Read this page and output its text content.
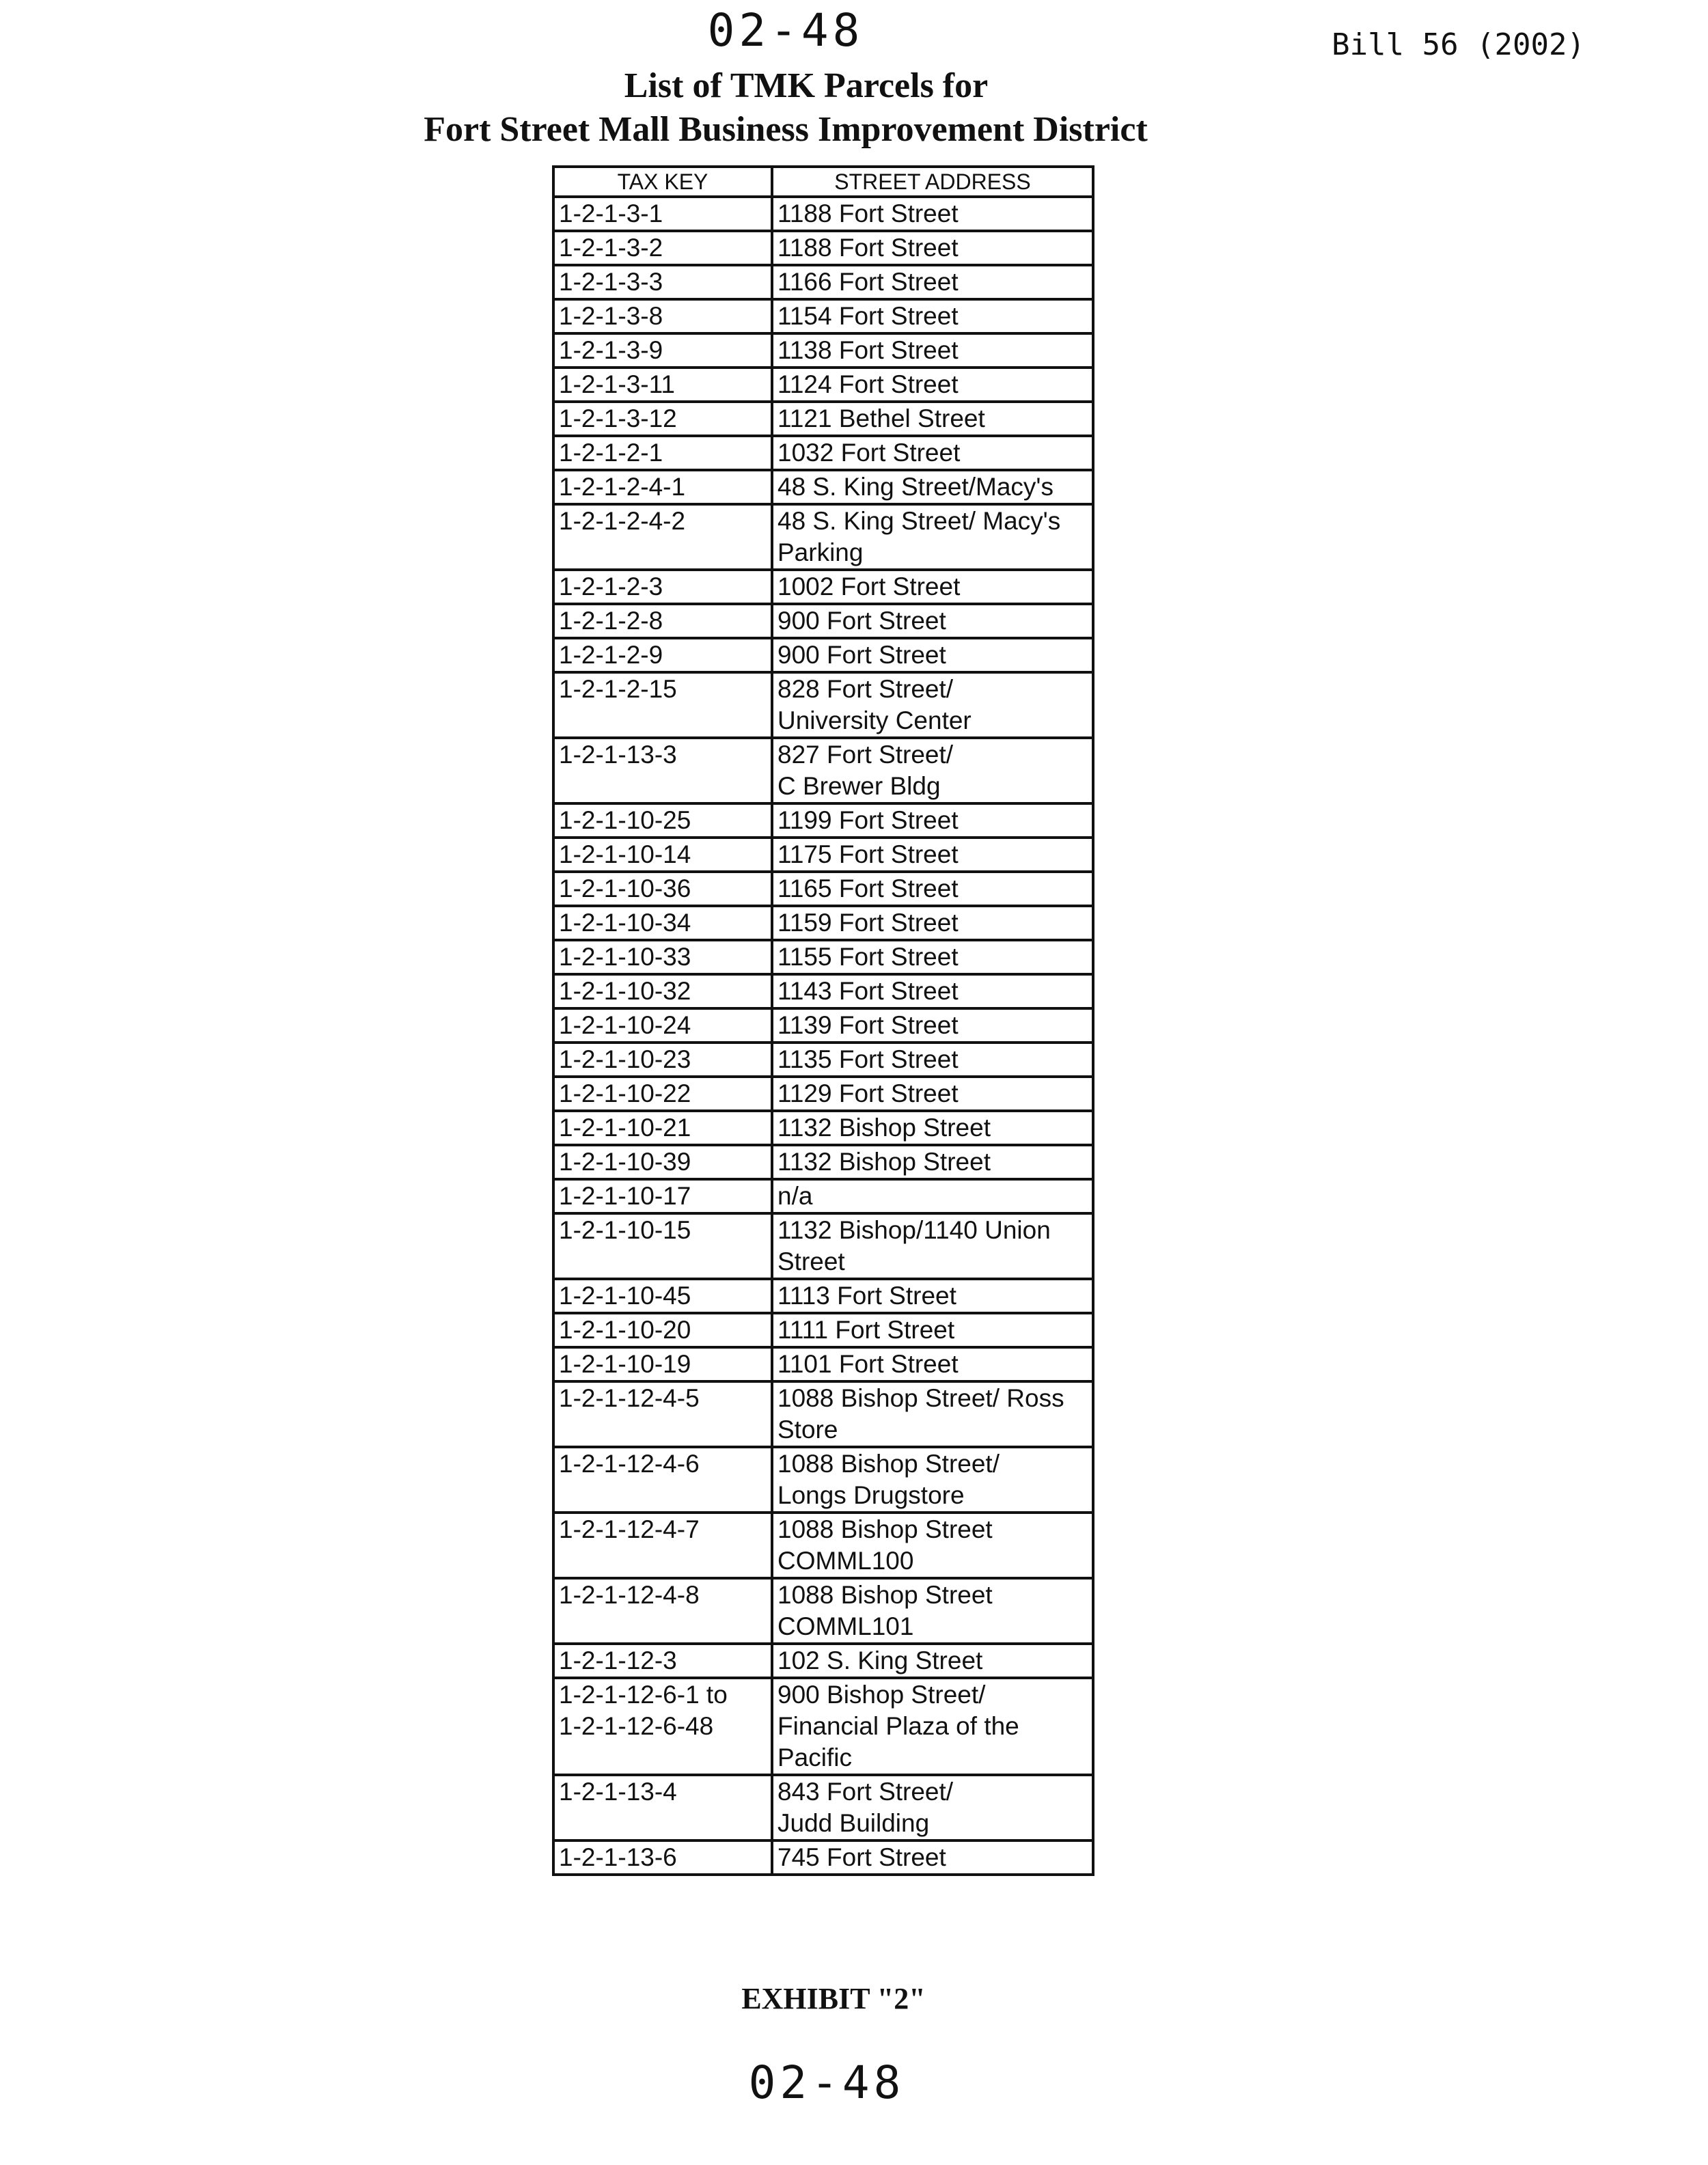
02-48	Bill 56 (2002)
List of TMK Parcels for
Fort Street Mall Business Improvement District
TAX KEY	STREET ADDRESS
1-2-1-3-1	1188 Fort Street
1-2-1-3-2	1188 Fort Street
1-2-1-3-3	1166 Fort Street
1-2-1-3-8	1154 Fort Street
1-2-1-3-9	1138 Fort Street
1-2-1-3-11	1124 Fort Street
1-2-1-3-12	1121 Bethel Street
1-2-1-2-1	1032 Fort Street
1-2-1-2-4-1	48 S. King Street/Macy's
1-2-1-2-4-2	48 S. King Street/ Macy's
Parking
1-2-1-2-3	1002 Fort Street
1-2-1-2-8	900 Fort Street
1-2-1-2-9	900 Fort Street
1-2-1-2-15	828 Fort Street/
University Center
1-2-1-13-3	827 Fort Street/
C Brewer Bldg
1-2-1-10-25	1199 Fort Street
1-2-1-10-14	1175 Fort Street
1-2-1-10-36	1165 Fort Street
1-2-1-10-34	1159 Fort Street
1-2-1-10-33	1155 Fort Street
1-2-1-10-32	1143 Fort Street
1-2-1-10-24	1139 Fort Street
1-2-1-10-23	1135 Fort Street
1-2-1-10-22	1129 Fort Street
1-2-1-10-21	1132 Bishop Street
1-2-1-10-39	1132 Bishop Street
1-2-1-10-17	n/a
1-2-1-10-15	1132 Bishop/1140 Union
Street
1-2-1-10-45	1113 Fort Street
1-2-1-10-20	1111 Fort Street
1-2-1-10-19	1101 Fort Street
1-2-1-12-4-5	1088 Bishop Street/ Ross
Store
1-2-1-12-4-6	1088 Bishop Street/
Longs Drugstore
1-2-1-12-4-7	1088 Bishop Street
COMML100
1-2-1-12-4-8	1088 Bishop Street
COMML101
1-2-1-12-3	102 S. King Street
1-2-1-12-6-1 to
1-2-1-12-6-48	900 Bishop Street/
Financial Plaza of the
Pacific
1-2-1-13-4	843 Fort Street/
Judd Building
1-2-1-13-6	745 Fort Street
EXHIBIT "2"
02-48
